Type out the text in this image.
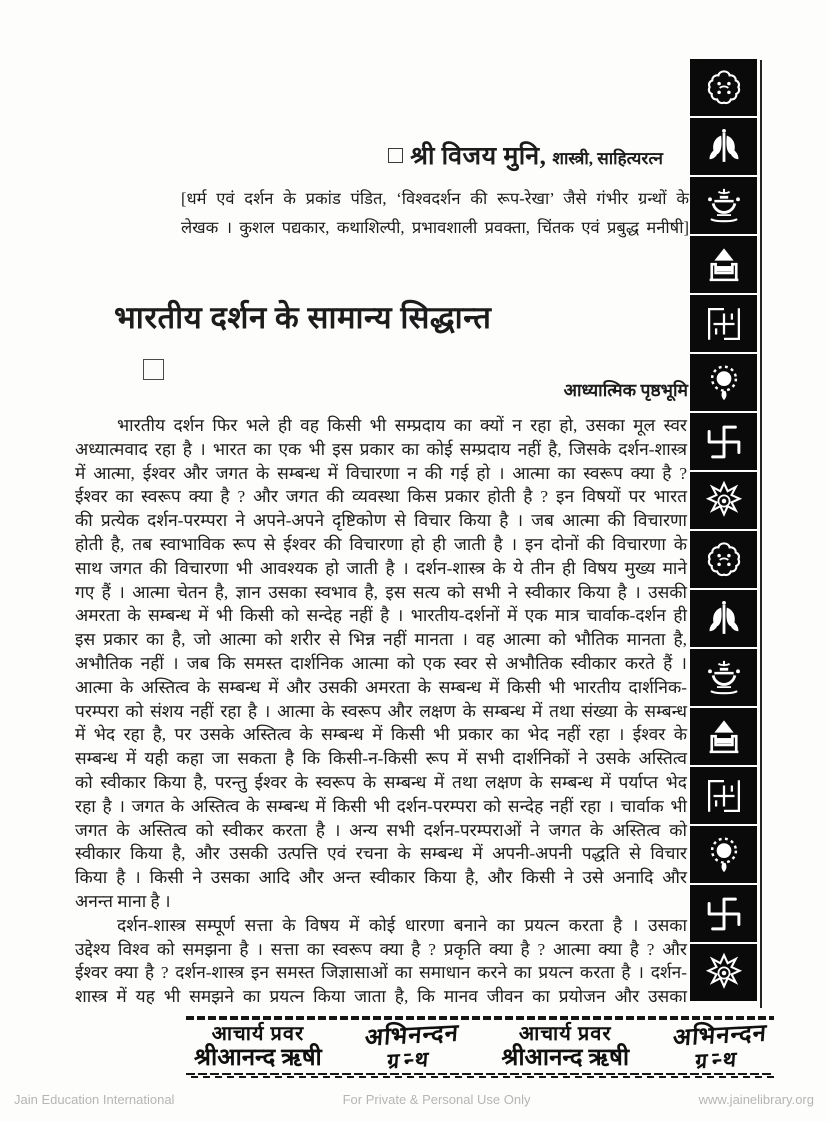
श्री विजय मुनि, शास्त्री, साहित्यरत्न
[धर्म एवं दर्शन के प्रकांड पंडित, ‘विश्वदर्शन की रूप-रेखा’ जैसे गंभीर ग्रन्थों के
लेखक । कुशल पद्यकार, कथाशिल्पी, प्रभावशाली प्रवक्ता, चिंतक एवं प्रबुद्ध मनीषी]
भारतीय दर्शन के सामान्य सिद्धान्त
आध्यात्मिक पृष्ठभूमि
भारतीय दर्शन फिर भले ही वह किसी भी सम्प्रदाय का क्यों न रहा हो, उसका मूल स्वर
अध्यात्मवाद रहा है । भारत का एक भी इस प्रकार का कोई सम्प्रदाय नहीं है, जिसके दर्शन-शास्त्र
में आत्मा, ईश्वर और जगत के सम्बन्ध में विचारणा न की गई हो । आत्मा का स्वरूप क्या है ?
ईश्वर का स्वरूप क्या है ? और जगत की व्यवस्था किस प्रकार होती है ? इन विषयों पर भारत
की प्रत्येक दर्शन-परम्परा ने अपने-अपने दृष्टिकोण से विचार किया है । जब आत्मा की विचारणा
होती है, तब स्वाभाविक रूप से ईश्वर की विचारणा हो ही जाती है । इन दोनों की विचारणा के
साथ जगत की विचारणा भी आवश्यक हो जाती है । दर्शन-शास्त्र के ये तीन ही विषय मुख्य माने
गए हैं । आत्मा चेतन है, ज्ञान उसका स्वभाव है, इस सत्य को सभी ने स्वीकार किया है । उसकी
अमरता के सम्बन्ध में भी किसी को सन्देह नहीं है । भारतीय-दर्शनों में एक मात्र चार्वाक-दर्शन ही
इस प्रकार का है, जो आत्मा को शरीर से भिन्न नहीं मानता । वह आत्मा को भौतिक मानता है,
अभौतिक नहीं । जब कि समस्त दार्शनिक आत्मा को एक स्वर से अभौतिक स्वीकार करते हैं ।
आत्मा के अस्तित्व के सम्बन्ध में और उसकी अमरता के सम्बन्ध में किसी भी भारतीय दार्शनिक-
परम्परा को संशय नहीं रहा है । आत्मा के स्वरूप और लक्षण के सम्बन्ध में तथा संख्या के सम्बन्ध
में भेद रहा है, पर उसके अस्तित्व के सम्बन्ध में किसी भी प्रकार का भेद नहीं रहा । ईश्वर के
सम्बन्ध में यही कहा जा सकता है कि किसी-न-किसी रूप में सभी दार्शनिकों ने उसके अस्तित्व
को स्वीकार किया है, परन्तु ईश्वर के स्वरूप के सम्बन्ध में तथा लक्षण के सम्बन्ध में पर्याप्त भेद
रहा है । जगत के अस्तित्व के सम्बन्ध में किसी भी दर्शन-परम्परा को सन्देह नहीं रहा । चार्वाक भी
जगत के अस्तित्व को स्वीकर करता है । अन्य सभी दर्शन-परम्पराओं ने जगत के अस्तित्व को
स्वीकार किया है, और उसकी उत्पत्ति एवं रचना के सम्बन्ध में अपनी-अपनी पद्धति से विचार
किया है । किसी ने उसका आदि और अन्त स्वीकार किया है, और किसी ने उसे अनादि और
अनन्त माना है ।
दर्शन-शास्त्र सम्पूर्ण सत्ता के विषय में कोई धारणा बनाने का प्रयत्न करता है । उसका
उद्देश्य विश्व को समझना है । सत्ता का स्वरूप क्या है ? प्रकृति क्या है ? आत्मा क्या है ? और
ईश्वर क्या है ? दर्शन-शास्त्र इन समस्त जिज्ञासाओं का समाधान करने का प्रयत्न करता है । दर्शन-
शास्त्र में यह भी समझने का प्रयत्न किया जाता है, कि मानव जीवन का प्रयोजन और उसका
आचार्य प्रवर
श्रीआनन्द ऋषी
अभिनन्दन
ग्रन्थ
आचार्य प्रवर
श्रीआनन्द ऋषी
अभिनन्दन
ग्रन्थ
Jain Education International	For Private & Personal Use Only	www.jainelibrary.org
